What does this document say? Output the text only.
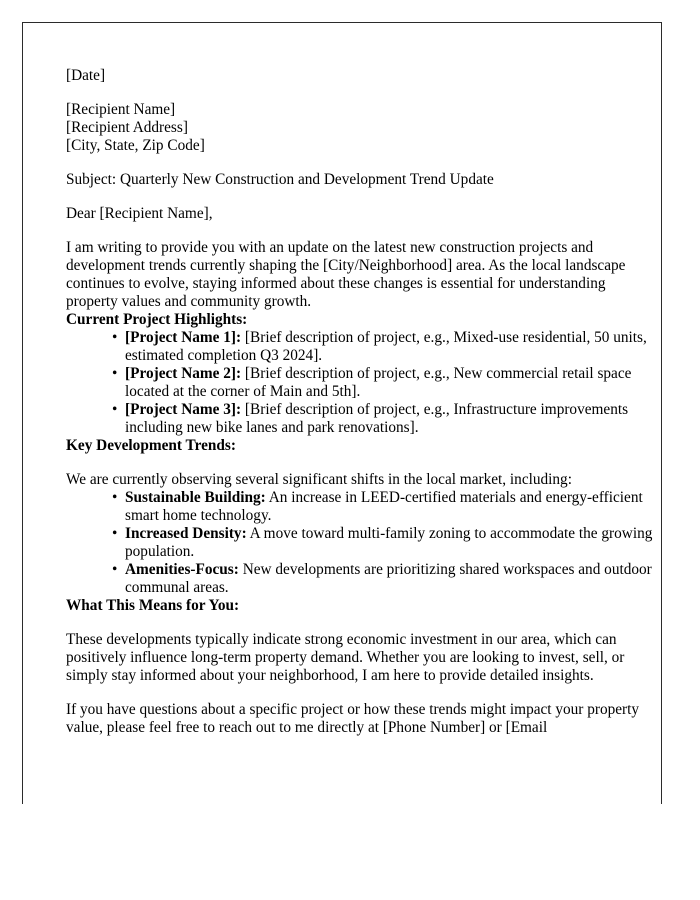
[Date]
[Recipient Name]
[Recipient Address]
[City, State, Zip Code]
Subject: Quarterly New Construction and Development Trend Update
Dear [Recipient Name],
I am writing to provide you with an update on the latest new construction projects and development trends currently shaping the [City/Neighborhood] area. As the local landscape continues to evolve, staying informed about these changes is essential for understanding property values and community growth.
Current Project Highlights:
• [Project Name 1]: [Brief description of project, e.g., Mixed-use residential, 50 units, estimated completion Q3 2024].
• [Project Name 2]: [Brief description of project, e.g., New commercial retail space located at the corner of Main and 5th].
• [Project Name 3]: [Brief description of project, e.g., Infrastructure improvements including new bike lanes and park renovations].
Key Development Trends:
We are currently observing several significant shifts in the local market, including:
• Sustainable Building: An increase in LEED-certified materials and energy-efficient smart home technology.
• Increased Density: A move toward multi-family zoning to accommodate the growing population.
• Amenities-Focus: New developments are prioritizing shared workspaces and outdoor communal areas.
What This Means for You:
These developments typically indicate strong economic investment in our area, which can positively influence long-term property demand. Whether you are looking to invest, sell, or simply stay informed about your neighborhood, I am here to provide detailed insights.
If you have questions about a specific project or how these trends might impact your property value, please feel free to reach out to me directly at [Phone Number] or [Email
